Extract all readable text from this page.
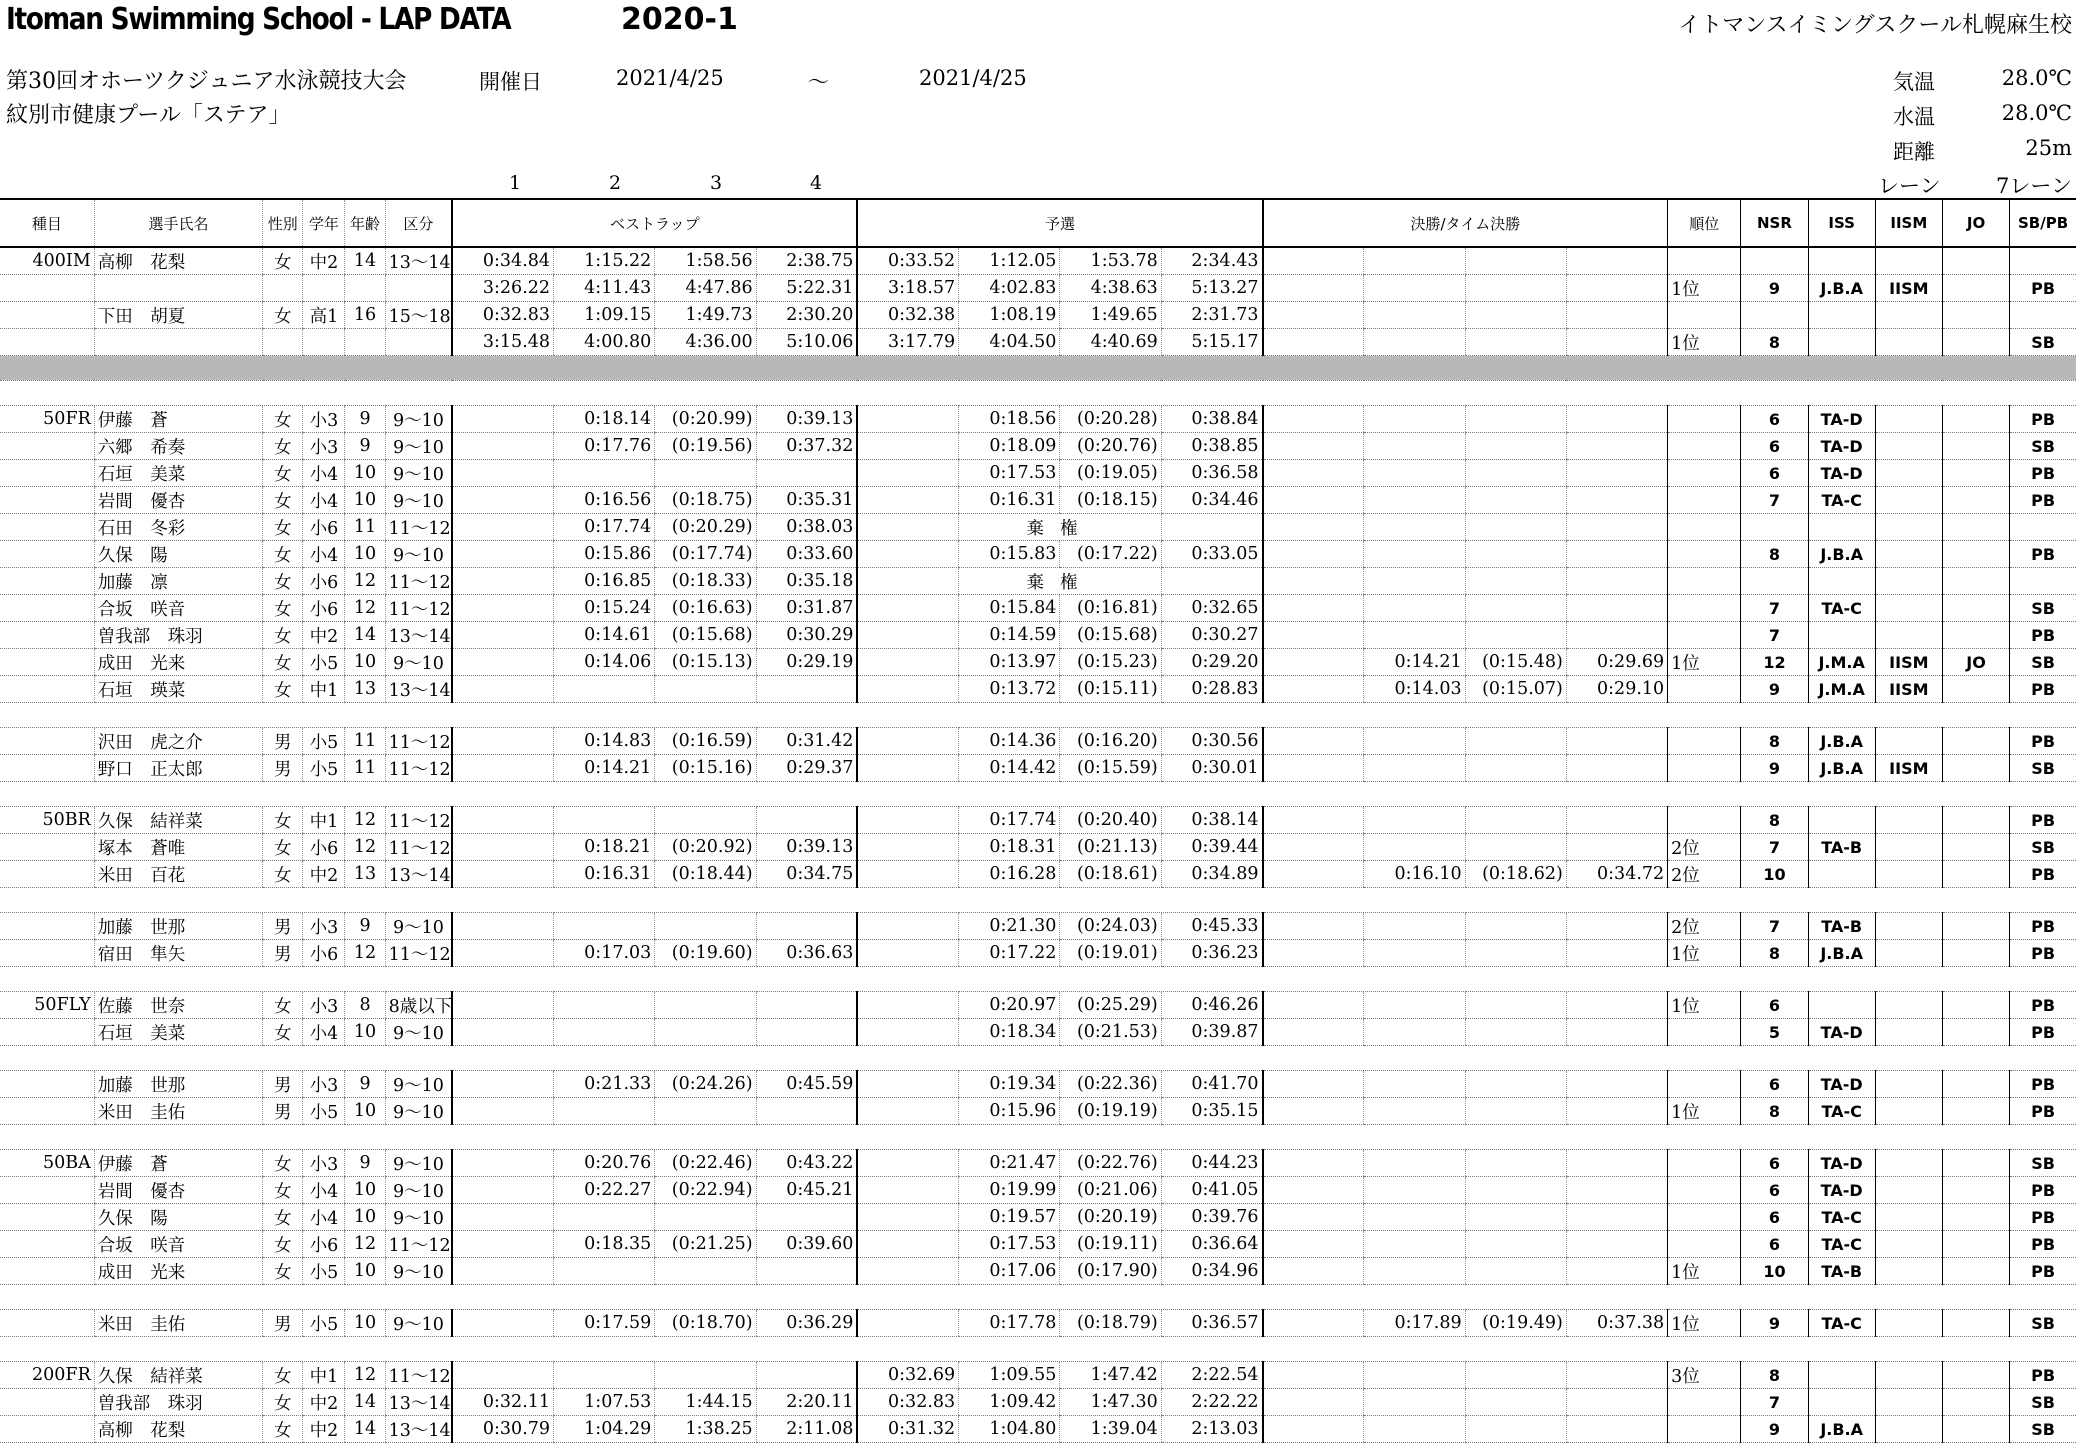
Itoman Swimming School - LAP DATA	2020-1	イトマンスイミングスクール札幌麻生校
第30回オホーツクジュニア水泳競技大会
紋別市健康プール「ステア」
開催日	2021/4/25	～	2021/4/25	気温	28.0℃
水温	28.0℃
距離	25m
レーン	7レーン
1	2	3	4
種目	選手氏名	性別	学年	年齢	区分	ベストラップ				予選				決勝/タイム決勝				順位	NSR	ISS	IISM	JO	SB/PB
400IM	高柳　花梨	女	中2	14	13～14	0:34.84	1:15.22	1:58.56	2:38.75	0:33.52	1:12.05	1:53.78	2:34.43										
						3:26.22	4:11.43	4:47.86	5:22.31	3:18.57	4:02.83	4:38.63	5:13.27					1位	9	J.B.A	IISM		PB
	下田　胡夏	女	高1	16	15～18	0:32.83	1:09.15	1:49.73	2:30.20	0:32.38	1:08.19	1:49.65	2:31.73										
						3:15.48	4:00.80	4:36.00	5:10.06	3:17.79	4:04.50	4:40.69	5:15.17					1位	8				SB

50FR	伊藤　蒼	女	小3	9	9～10		0:18.14	(0:20.99)	0:39.13		0:18.56	(0:20.28)	0:38.84						6	TA-D			PB
	六郷　希奏	女	小3	9	9～10		0:17.76	(0:19.56)	0:37.32		0:18.09	(0:20.76)	0:38.85						6	TA-D			SB
	石垣　美菜	女	小4	10	9～10						0:17.53	(0:19.05)	0:36.58						6	TA-D			PB
	岩間　優杏	女	小4	10	9～10		0:16.56	(0:18.75)	0:35.31		0:16.31	(0:18.15)	0:34.46						7	TA-C			PB
	石田　冬彩	女	小6	11	11～12		0:17.74	(0:20.29)	0:38.03		棄権												
	久保　陽	女	小4	10	9～10		0:15.86	(0:17.74)	0:33.60		0:15.83	(0:17.22)	0:33.05						8	J.B.A			PB
	加藤　凛	女	小6	12	11～12		0:16.85	(0:18.33)	0:35.18		棄権												
	合坂　咲音	女	小6	12	11～12		0:15.24	(0:16.63)	0:31.87		0:15.84	(0:16.81)	0:32.65						7	TA-C			SB
	曽我部　珠羽	女	中2	14	13～14		0:14.61	(0:15.68)	0:30.29		0:14.59	(0:15.68)	0:30.27						7				PB
	成田　光来	女	小5	10	9～10		0:14.06	(0:15.13)	0:29.19		0:13.97	(0:15.23)	0:29.20		0:14.21	(0:15.48)	0:29.69	1位	12	J.M.A	IISM	JO	SB
	石垣　瑛菜	女	中1	13	13～14						0:13.72	(0:15.11)	0:28.83		0:14.03	(0:15.07)	0:29.10		9	J.M.A	IISM		PB

	沢田　虎之介	男	小5	11	11～12		0:14.83	(0:16.59)	0:31.42		0:14.36	(0:16.20)	0:30.56						8	J.B.A			PB
	野口　正太郎	男	小5	11	11～12		0:14.21	(0:15.16)	0:29.37		0:14.42	(0:15.59)	0:30.01						9	J.B.A	IISM		SB

50BR	久保　結祥菜	女	中1	12	11～12						0:17.74	(0:20.40)	0:38.14						8				PB
	塚本　蒼唯	女	小6	12	11～12		0:18.21	(0:20.92)	0:39.13		0:18.31	(0:21.13)	0:39.44					2位	7	TA-B			SB
	米田　百花	女	中2	13	13～14		0:16.31	(0:18.44)	0:34.75		0:16.28	(0:18.61)	0:34.89		0:16.10	(0:18.62)	0:34.72	2位	10				PB

	加藤　世那	男	小3	9	9～10						0:21.30	(0:24.03)	0:45.33					2位	7	TA-B			PB
	宿田　隼矢	男	小6	12	11～12		0:17.03	(0:19.60)	0:36.63		0:17.22	(0:19.01)	0:36.23					1位	8	J.B.A			PB

50FLY	佐藤　世奈	女	小3	8	8歳以下						0:20.97	(0:25.29)	0:46.26					1位	6				PB
	石垣　美菜	女	小4	10	9～10						0:18.34	(0:21.53)	0:39.87						5	TA-D			PB

	加藤　世那	男	小3	9	9～10		0:21.33	(0:24.26)	0:45.59		0:19.34	(0:22.36)	0:41.70						6	TA-D			PB
	米田　圭佑	男	小5	10	9～10						0:15.96	(0:19.19)	0:35.15					1位	8	TA-C			PB

50BA	伊藤　蒼	女	小3	9	9～10		0:20.76	(0:22.46)	0:43.22		0:21.47	(0:22.76)	0:44.23						6	TA-D			SB
	岩間　優杏	女	小4	10	9～10		0:22.27	(0:22.94)	0:45.21		0:19.99	(0:21.06)	0:41.05						6	TA-D			PB
	久保　陽	女	小4	10	9～10						0:19.57	(0:20.19)	0:39.76						6	TA-C			PB
	合坂　咲音	女	小6	12	11～12		0:18.35	(0:21.25)	0:39.60		0:17.53	(0:19.11)	0:36.64						6	TA-C			PB
	成田　光来	女	小5	10	9～10						0:17.06	(0:17.90)	0:34.96					1位	10	TA-B			PB

	米田　圭佑	男	小5	10	9～10		0:17.59	(0:18.70)	0:36.29		0:17.78	(0:18.79)	0:36.57		0:17.89	(0:19.49)	0:37.38	1位	9	TA-C			SB

200FR	久保　結祥菜	女	中1	12	11～12					0:32.69	1:09.55	1:47.42	2:22.54					3位	8				PB
	曽我部　珠羽	女	中2	14	13～14	0:32.11	1:07.53	1:44.15	2:20.11	0:32.83	1:09.42	1:47.30	2:22.22						7				SB
	高柳　花梨	女	中2	14	13～14	0:30.79	1:04.29	1:38.25	2:11.08	0:31.32	1:04.80	1:39.04	2:13.03						9	J.B.A			SB
